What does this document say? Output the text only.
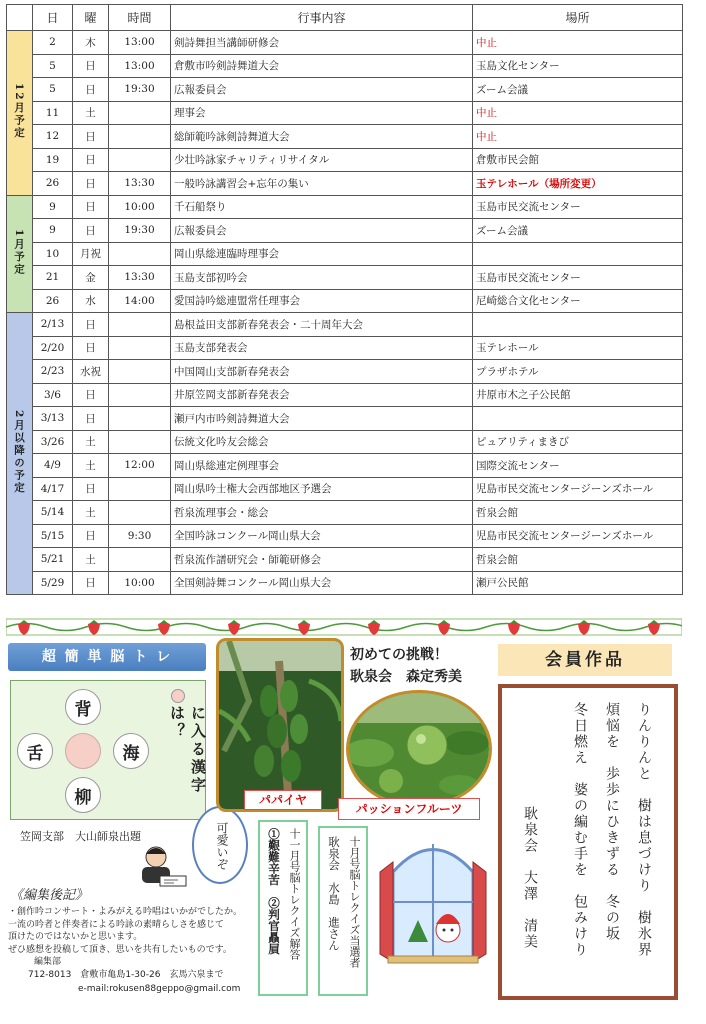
	日	曜	時間	行事内容	場所
12月予定	2	木	13:00	剣詩舞担当講師研修会	中止
	5	日	13:00	倉敷市吟剣詩舞道大会	玉島文化センター
	5	日	19:30	広報委員会	ズーム会議
	11	土		理事会	中止
	12	日		総師範吟詠剣詩舞道大会	中止
	19	日		少壮吟詠家チャリティリサイタル	倉敷市民会館
	26	日	13:30	一般吟詠講習会+忘年の集い	玉テレホール（場所変更）
1月予定	9	日	10:00	千石船祭り	玉島市民交流センター
	9	日	19:30	広報委員会	ズーム会議
	10	月祝		岡山県総連臨時理事会	
	21	金	13:30	玉島支部初吟会	玉島市民交流センター
	26	水	14:00	愛国詩吟総連盟常任理事会	尼崎総合文化センター
2月以降の予定	2/13	日		島根益田支部新春発表会・二十周年大会	
	2/20	日		玉島支部発表会	玉テレホール
	2/23	水祝		中国岡山支部新春発表会	プラザホテル
	3/6	日		井原笠岡支部新春発表会	井原市木之子公民館
	3/13	日		瀬戸内市吟剣詩舞道大会	
	3/26	土		伝統文化吟友会総会	ピュアリティまきび
	4/9	土	12:00	岡山県総連定例理事会	国際交流センター
	4/17	日		岡山県吟士権大会西部地区予選会	児島市民交流センタージーンズホール
	5/14	土		哲泉流理事会・総会	哲泉会館
	5/15	日	9:30	全国吟詠コンクール岡山県大会	児島市民交流センタージーンズホール
	5/21	土		哲泉流作譜研究会・師範研修会	哲泉会館
	5/29	日	10:00	全国剣詩舞コンクール岡山県大会	瀬戸公民館
超 簡 単 脳 ト レ
背
舌	海
柳
に入る漢字は？
笠岡支部　大山師泉出題	可愛いぞ
パパイヤ
初めての挑戦！
耿泉会　森定秀美
パッションフルーツ
十一月号脳トレクイズ解答
①艱難辛苦　②判官贔屓	十月号脳トレクイズ当選者
耿泉会　水島　進さん
会員作品
りんりんと　樹は息づけり　樹氷界
煩悩を　歩歩にひきずる　冬の坂
冬日燃え　婆の編む手を　包みけり
耿泉会　大澤　清美
《編集後記》
・創作吟コンサート・よみがえる吟唱はいかがでしたか。
一流の吟者と伴奏者による吟詠の素晴らしさを感じて
頂けたのではないかと思います。
ぜひ感想を投稿して頂き、思いを共有したいものです。
編集部
712-8013　倉敷市亀島1-30-26　玄馬六泉まで
e-mail:rokusen88geppo@gmail.com
